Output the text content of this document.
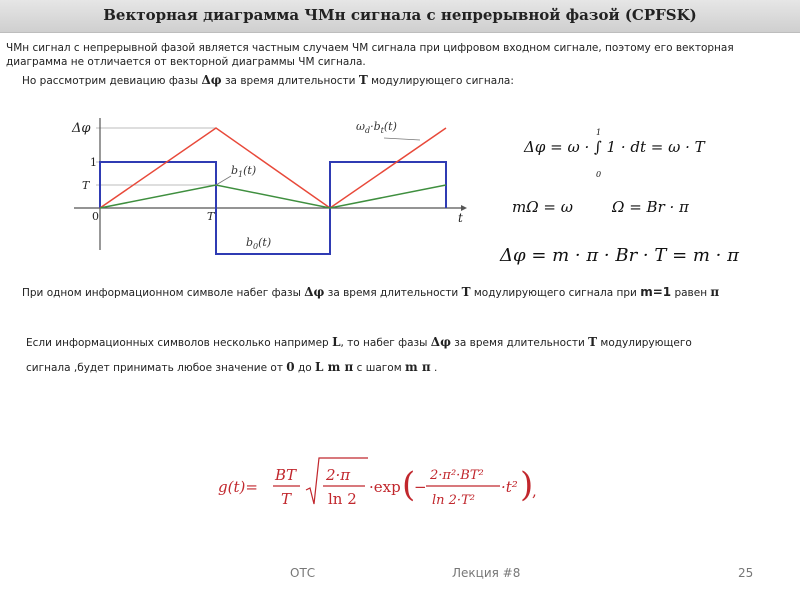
Векторная диаграмма ЧМн сигнала с непрерывной фазой (CPFSK)
ЧМн сигнал с непрерывной фазой является частным случаем ЧМ сигнала при цифровом входном сигнале, поэтому его векторная диаграмма не отличается от векторной диаграммы ЧМ сигнала.
Но рассмотрим девиацию фазы Δφ за время длительности T модулирующего сигнала:
Δφ
t
1
T
0	T
$\omega_d\cdot b_t(t)$
$b_1(t)$
$b_0(t)$
Δφ = ω · ∫ 1 · dt = ω · T
1
0
mΩ = ω	Ω = Br · π
Δφ = m · π · Br · T = m · π
При одном информационном символе набег фазы Δφ за время длительности T модулирующего сигнала при m=1 равен π
Если информационных символов несколько например L, то набег фазы Δφ за время длительности T модулирующего
сигнала ,будет принимать любое значение от 0 до L m π с шагом m π .
g(t)=
BT
T
2·π
ln 2
·exp (
−
2·π²·BT²
ln 2·T²
·t² )
,
ОТС	Лекция #8	25
